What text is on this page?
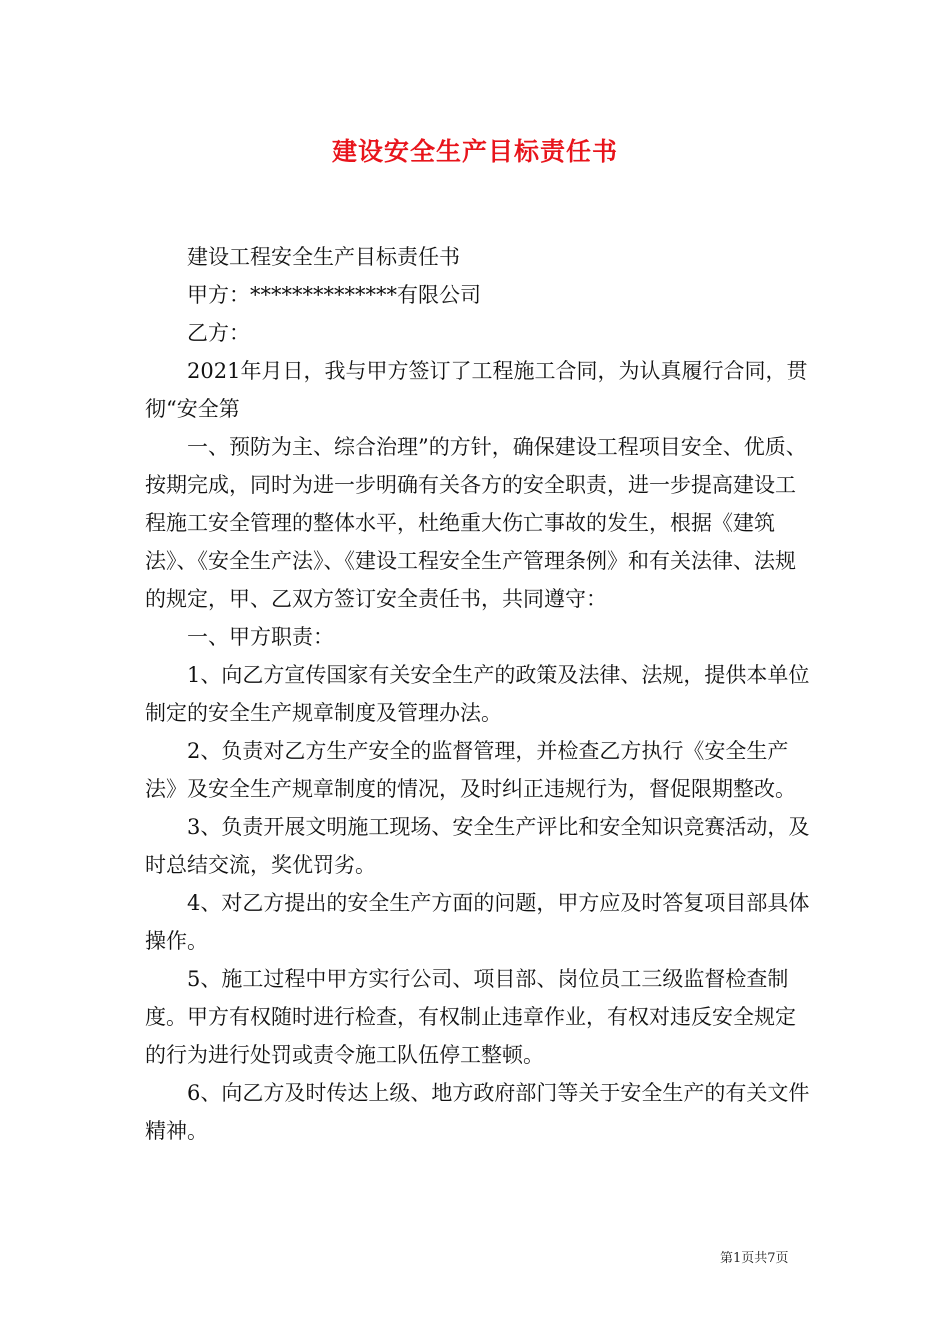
建设安全生产目标责任书

建设工程安全生产目标责任书

甲方：**************有限公司

乙方：

2021年月日，我与甲方签订了工程施工合同，为认真履行合同，贯彻“安全第

一、预防为主、综合治理”的方针，确保建设工程项目安全、优质、按期完成，同时为进一步明确有关各方的安全职责，进一步提高建设工程施工安全管理的整体水平，杜绝重大伤亡事故的发生，根据《建筑法》、《安全生产法》、《建设工程安全生产管理条例》和有关法律、法规的规定，甲、乙双方签订安全责任书，共同遵守：

一、甲方职责：

1、向乙方宣传国家有关安全生产的政策及法律、法规，提供本单位制定的安全生产规章制度及管理办法。

2、负责对乙方生产安全的监督管理，并检查乙方执行《安全生产法》及安全生产规章制度的情况，及时纠正违规行为，督促限期整改。

3、负责开展文明施工现场、安全生产评比和安全知识竞赛活动，及时总结交流，奖优罚劣。

4、对乙方提出的安全生产方面的问题，甲方应及时答复项目部具体操作。

5、施工过程中甲方实行公司、项目部、岗位员工三级监督检查制度。甲方有权随时进行检查，有权制止违章作业，有权对违反安全规定的行为进行处罚或责令施工队伍停工整顿。

6、向乙方及时传达上级、地方政府部门等关于安全生产的有关文件精神。

第1页共7页
